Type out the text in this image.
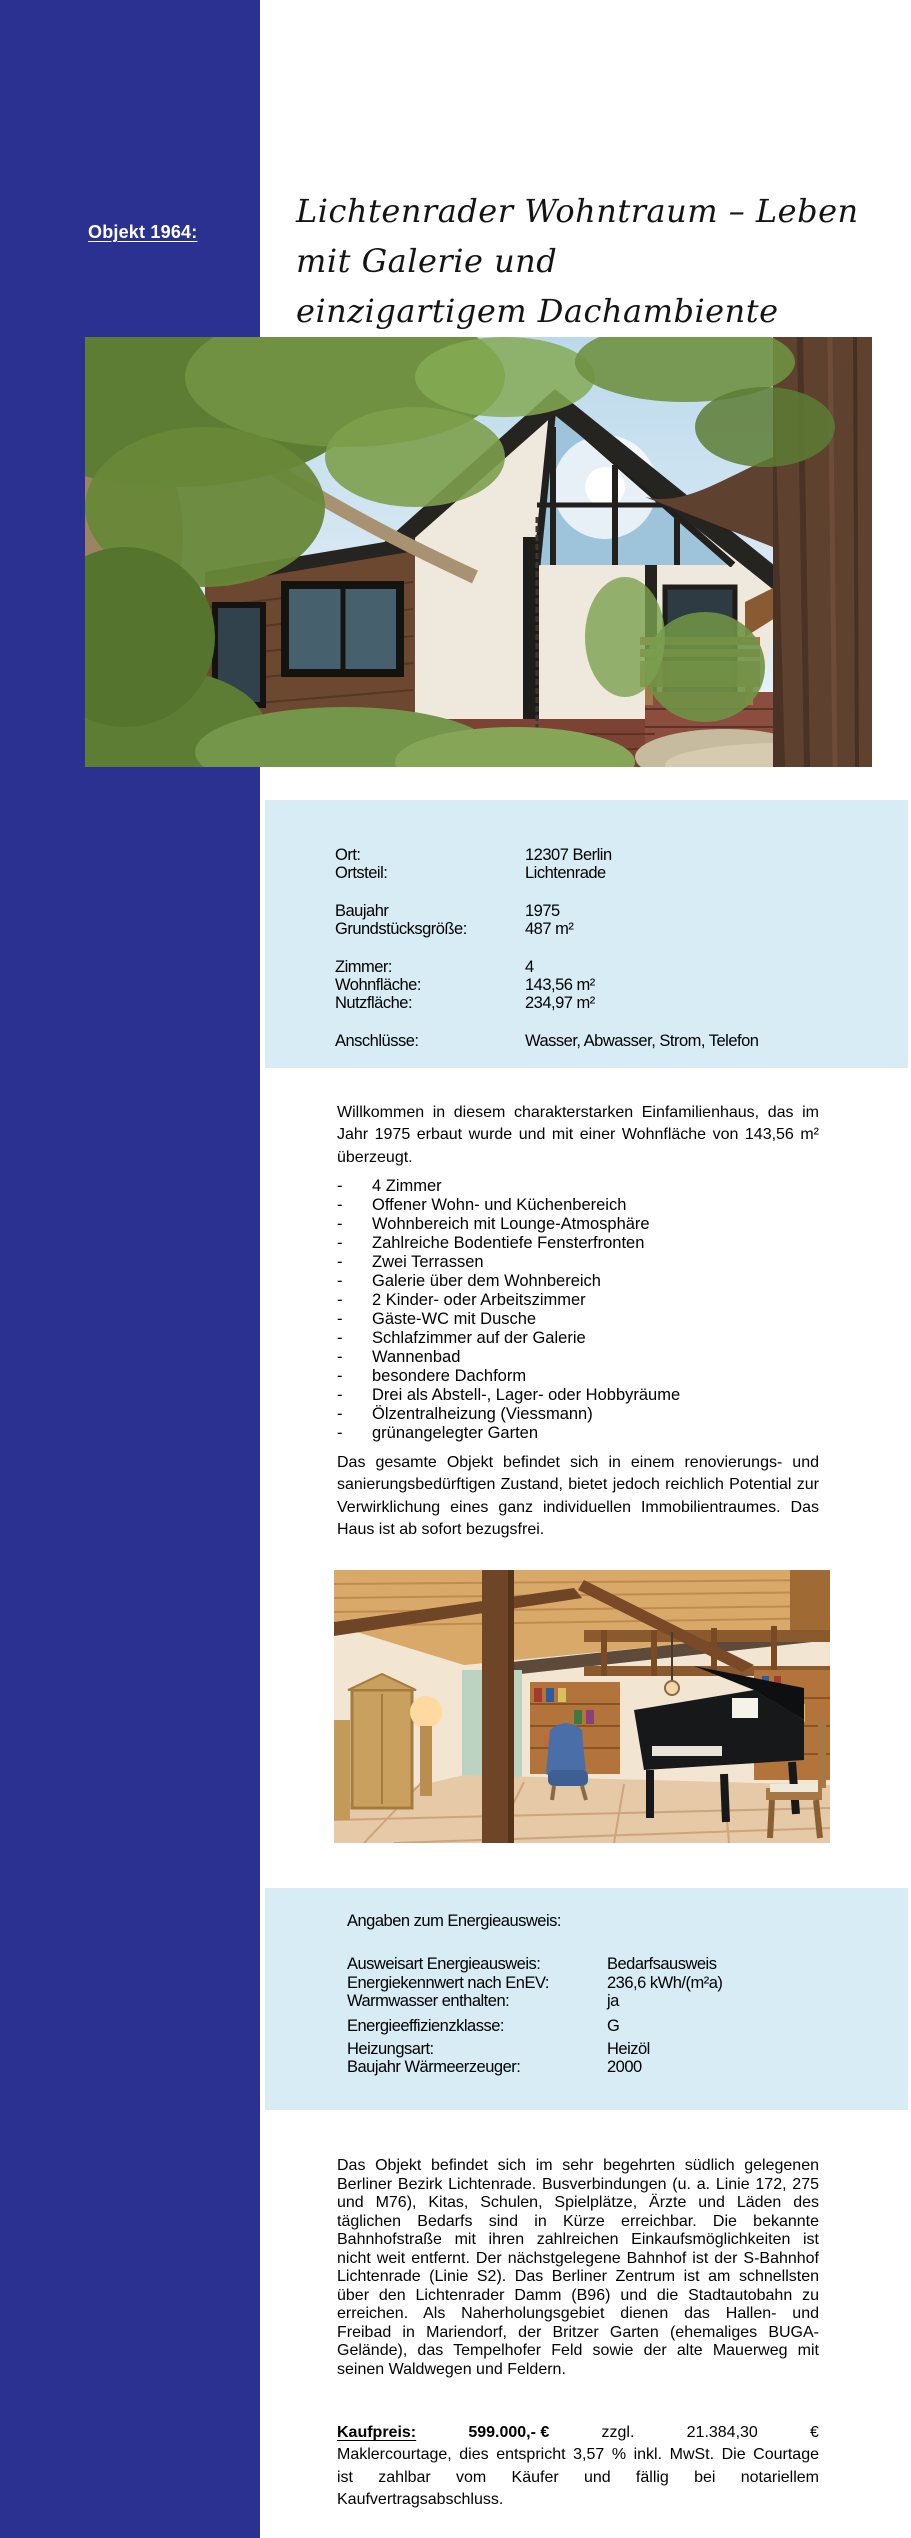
Objekt 1964:
Lichtenrader Wohntraum – Leben mit Galerie und
einzigartigem Dachambiente
Ort:	12307 Berlin
Ortsteil:	Lichtenrade
Baujahr	1975
Grundstücksgröße:	487 m²
Zimmer:	4
Wohnfläche:	143,56 m²
Nutzfläche:	234,97 m²
Anschlüsse:	Wasser, Abwasser, Strom, Telefon
Willkommen in diesem charakterstarken Einfamilienhaus, das im
Jahr 1975 erbaut wurde und mit einer Wohnfläche von 143,56 m²
überzeugt.
-	4 Zimmer
-	Offener Wohn- und Küchenbereich
-	Wohnbereich mit Lounge-Atmosphäre
-	Zahlreiche Bodentiefe Fensterfronten
-	Zwei Terrassen
-	Galerie über dem Wohnbereich
-	2 Kinder- oder Arbeitszimmer
-	Gäste-WC mit Dusche
-	Schlafzimmer auf der Galerie
-	Wannenbad
-	besondere Dachform
-	Drei als Abstell-, Lager- oder Hobbyräume
-	Ölzentralheizung (Viessmann)
-	grünangelegter Garten
Das gesamte Objekt befindet sich in einem renovierungs- und
sanierungsbedürftigen Zustand, bietet jedoch reichlich Potential zur
Verwirklichung eines ganz individuellen Immobilientraumes. Das
Haus ist ab sofort bezugsfrei.
Angaben zum Energieausweis:
Ausweisart Energieausweis:	Bedarfsausweis
Energiekennwert nach EnEV:	236,6 kWh/(m²a)
Warmwasser enthalten:	ja
Energieeffizienzklasse:	G
Heizungsart:	Heizöl
Baujahr Wärmeerzeuger:	2000
Das Objekt befindet sich im sehr begehrten südlich gelegenen
Berliner Bezirk Lichtenrade. Busverbindungen (u. a. Linie 172, 275
und M76), Kitas, Schulen, Spielplätze, Ärzte und Läden des
täglichen Bedarfs sind in Kürze erreichbar. Die bekannte
Bahnhofstraße mit ihren zahlreichen Einkaufsmöglichkeiten ist
nicht weit entfernt. Der nächstgelegene Bahnhof ist der S-Bahnhof
Lichtenrade (Linie S2). Das Berliner Zentrum ist am schnellsten
über den Lichtenrader Damm (B96) und die Stadtautobahn zu
erreichen. Als Naherholungsgebiet dienen das Hallen- und
Freibad in Mariendorf, der Britzer Garten (ehemaliges BUGA-
Gelände), das Tempelhofer Feld sowie der alte Mauerweg mit
seinen Waldwegen und Feldern.
Kaufpreis:	599.000,- €	zzgl.	21.384,30	€
Maklercourtage, dies entspricht 3,57 % inkl. MwSt. Die Courtage
ist zahlbar vom Käufer und fällig bei notariellem
Kaufvertragsabschluss.
